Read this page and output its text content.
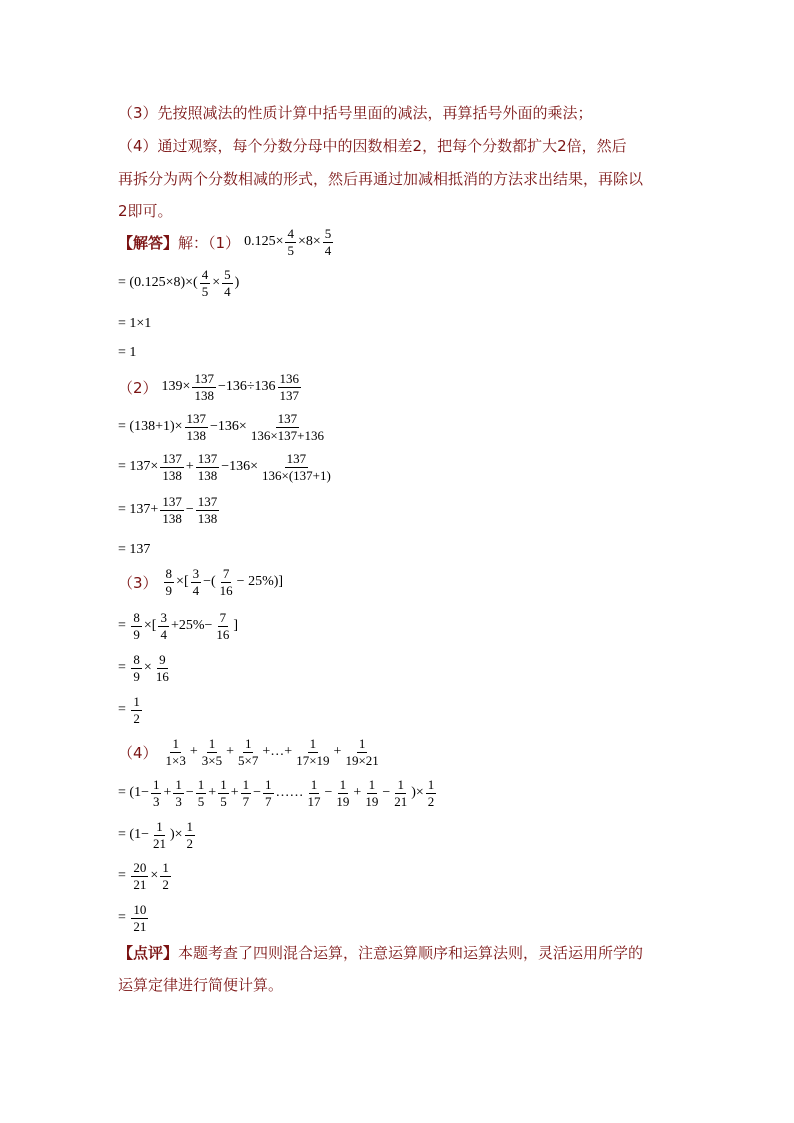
（3）先按照减法的性质计算中括号里面的减法，再算括号外面的乘法；
（4）通过观察，每个分数分母中的因数相差2，把每个分数都扩大2倍，然后
再拆分为两个分数相减的形式，然后再通过加减相抵消的方法求出结果，再除以
2即可。
【解答】 解：（1） $0.125\times \frac{4}{5} \times 8\times \frac{5}{4}$
=
$(0.125\times 8)\times( \frac{4}{5} \times \frac{5}{4}$ )
=
1×1
=
1
（2） $139\times \frac{137}{138} -136\div 136 \frac{136}{137}$
=
$(138+1)\times \frac{137}{138} -136\times \frac{137}{136\times 137+136}$
=
$137\times \frac{137}{138} + \frac{137}{138} -136\times \frac{137}{136\times(137+1)}$
=
$137+ \frac{137}{138} - \frac{137}{138}$
=
137
$(3) \frac{8}{9}$ ×[ $\frac{3}{4}$ −( $\frac{7}{16} - 25\%$)]
=
$\frac{8}{9}$ ×[ $\frac{3}{4} +25\%- \frac{7}{16}$ ]
=
$\frac{8}{9} \times \frac{9}{16}$
=
$\frac{1}{2}$
$(4) \frac{1}{1\times 3} + \frac{1}{3\times 5} + \frac{1}{5\times 7}$ +…+ $\frac{1}{17\times 19} + \frac{1}{19\times 21}$
=
($1- \frac{1}{3} + \frac{1}{3} - \frac{1}{5} + \frac{1}{5} + \frac{1}{7} - \frac{1}{7}$ …… $\frac{1}{17} - \frac{1}{19} + \frac{1}{19} - \frac{1}{21}$ )× $\frac{1}{2}$
=
($1- \frac{1}{21}$ )× $\frac{1}{2}$
=
$\frac{20}{21} \times \frac{1}{2}$
=
$\frac{10}{21}$
【点评】本题考查了四则混合运算，注意运算顺序和运算法则，灵活运用所学的
运算定律进行简便计算。
